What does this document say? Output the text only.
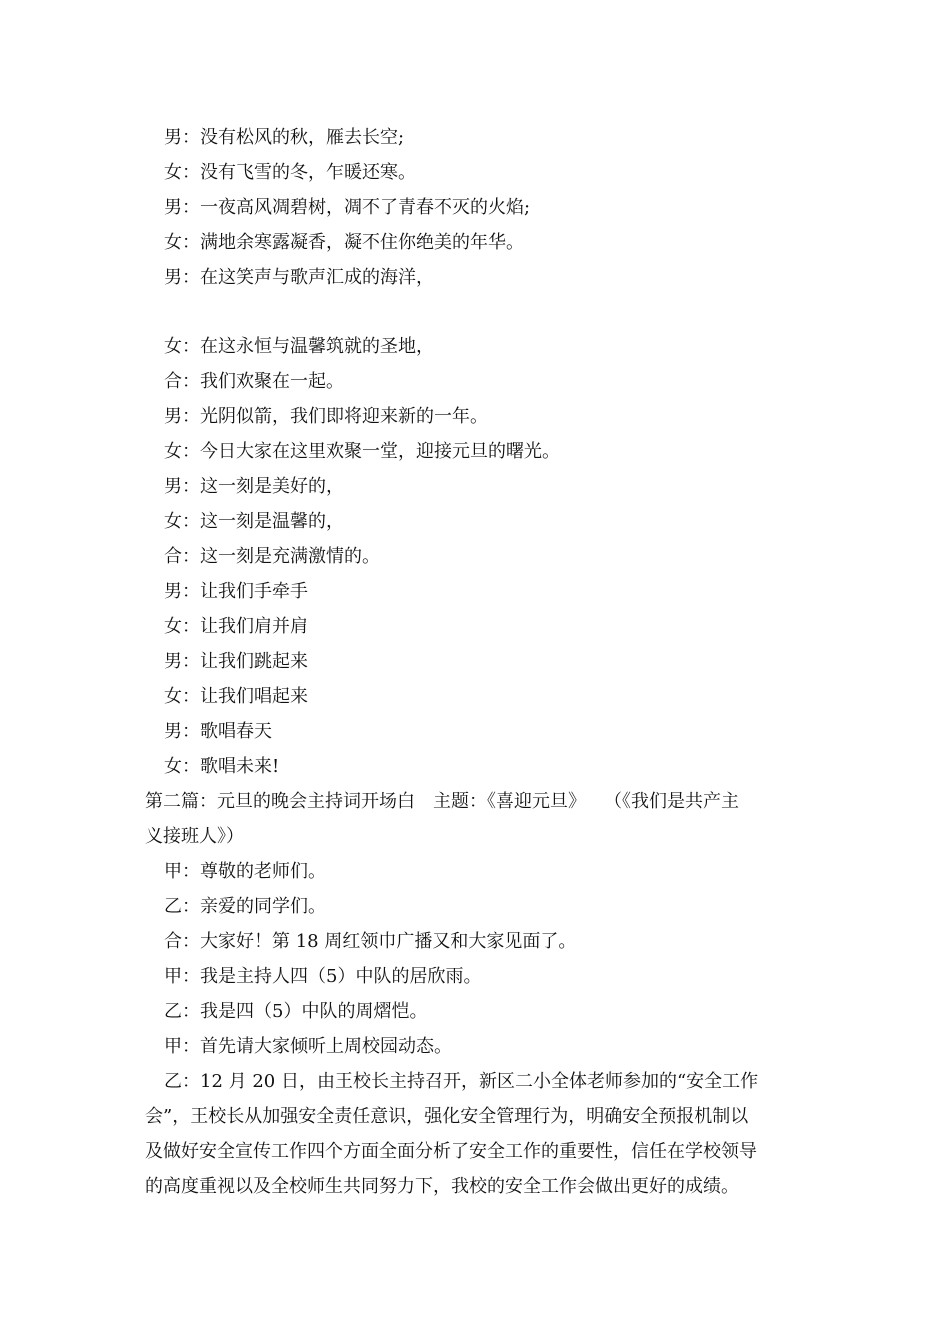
男：没有松风的秋，雁去长空;
女：没有飞雪的冬，乍暖还寒。
男：一夜高风凋碧树，凋不了青春不灭的火焰;
女：满地余寒露凝香，凝不住你绝美的年华。
男：在这笑声与歌声汇成的海洋，
女：在这永恒与温馨筑就的圣地，
合：我们欢聚在一起。
男：光阴似箭，我们即将迎来新的一年。
女：今日大家在这里欢聚一堂，迎接元旦的曙光。
男：这一刻是美好的，
女：这一刻是温馨的，
合：这一刻是充满激情的。
男：让我们手牵手
女：让我们肩并肩
男：让我们跳起来
女：让我们唱起来
男：歌唱春天
女：歌唱未来!
第二篇：元旦的晚会主持词开场白　主题：《喜迎元旦》　　（《我们是共产主
义接班人》）
甲：尊敬的老师们。
乙：亲爱的同学们。
合：大家好！第 18 周红领巾广播又和大家见面了。
甲：我是主持人四（5）中队的居欣雨。
乙：我是四（5）中队的周熠恺。
甲：首先请大家倾听上周校园动态。
乙：12 月 20 日，由王校长主持召开，新区二小全体老师参加的“安全工作
会”，王校长从加强安全责任意识，强化安全管理行为，明确安全预报机制以
及做好安全宣传工作四个方面全面分析了安全工作的重要性，信任在学校领导
的高度重视以及全校师生共同努力下，我校的安全工作会做出更好的成绩。
